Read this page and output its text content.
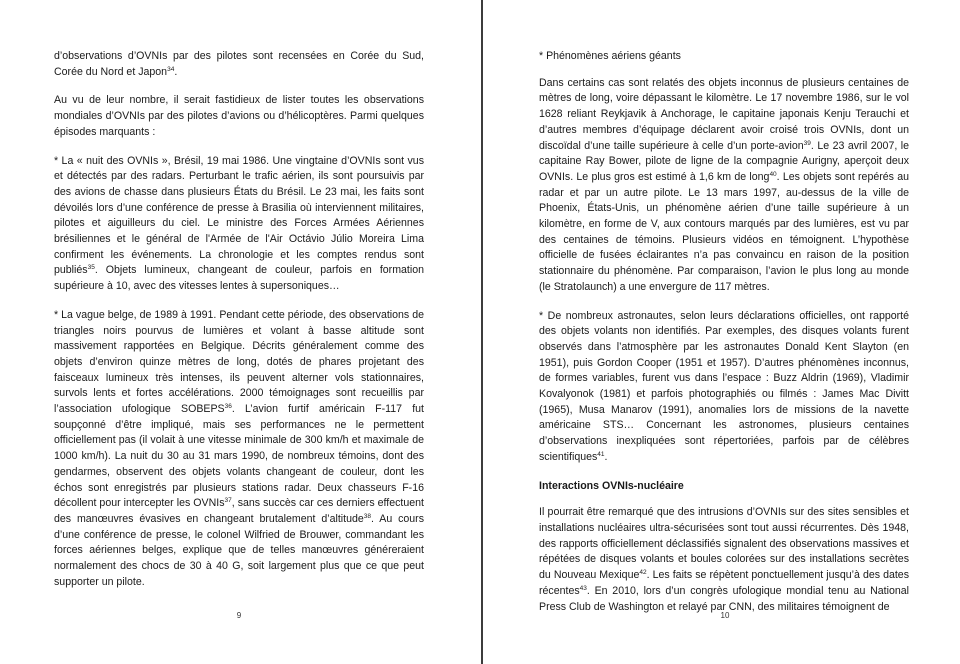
d’observations d’OVNIs par des pilotes sont recensées en Corée du Sud, Corée du Nord et Japon$^{34}$.

Au vu de leur nombre, il serait fastidieux de lister toutes les observations mondiales d’OVNIs par des pilotes d’avions ou d’hélicoptères. Parmi quelques épisodes marquants :

* La « nuit des OVNIs », Brésil, 19 mai 1986. Une vingtaine d’OVNIs sont vus et détectés par des radars. Perturbant le trafic aérien, ils sont poursuivis par des avions de chasse dans plusieurs États du Brésil. Le 23 mai, les faits sont dévoilés lors d’une conférence de presse à Brasilia où interviennent militaires, pilotes et aiguilleurs du ciel. Le ministre des Forces Armées Aériennes brésiliennes et le général de l'Armée de l'Air Octávio Júlio Moreira Lima confirment les événements. La chronologie et les comptes rendus sont publiés$^{35}$. Objets lumineux, changeant de couleur, parfois en formation supérieure à 10, avec des vitesses lentes à supersoniques…

* La vague belge, de 1989 à 1991. Pendant cette période, des observations de triangles noirs pourvus de lumières et volant à basse altitude sont massivement rapportées en Belgique. Décrits généralement comme des objets d’environ quinze mètres de long, dotés de phares projetant des faisceaux lumineux très intenses, ils peuvent alterner vols stationnaires, survols lents et fortes accélérations. 2000 témoignages sont recueillis par l’association ufologique SOBEPS$^{36}$. L’avion furtif américain F-117 fut soupçonné d’être impliqué, mais ses performances ne le permettent officiellement pas (il volait à une vitesse minimale de 300 km/h et maximale de 1000 km/h). La nuit du 30 au 31 mars 1990, de nombreux témoins, dont des gendarmes, observent des objets volants changeant de couleur, dont les échos sont enregistrés par plusieurs stations radar. Deux chasseurs F-16 décollent pour intercepter les OVNIs$^{37}$, sans succès car ces derniers effectuent des manœuvres évasives en changeant brutalement d’altitude$^{38}$. Au cours d’une conférence de presse, le colonel Wilfried de Brouwer, commandant les forces aériennes belges, explique que de telles manœuvres généreraient normalement des chocs de 30 à 40 G, soit largement plus que ce que peut supporter un pilote.

9

* Phénomènes aériens géants

Dans certains cas sont relatés des objets inconnus de plusieurs centaines de mètres de long, voire dépassant le kilomètre. Le 17 novembre 1986, sur le vol 1628 reliant Reykjavik à Anchorage, le capitaine japonais Kenju Terauchi et d’autres membres d’équipage déclarent avoir croisé trois OVNIs, dont un discoïdal d’une taille supérieure à celle d’un porte-avion$^{39}$. Le 23 avril 2007, le capitaine Ray Bower, pilote de ligne de la compagnie Aurigny, aperçoit deux OVNIs. Le plus gros est estimé à 1,6 km de long$^{40}$. Les objets sont repérés au radar et par un autre pilote. Le 13 mars 1997, au-dessus de la ville de Phoenix, États-Unis, un phénomène aérien d’une taille supérieure à un kilomètre, en forme de V, aux contours marqués par des lumières, est vu par des centaines de témoins. Plusieurs vidéos en témoignent. L’hypothèse officielle de fusées éclairantes n’a pas convaincu en raison de la position stationnaire du phénomène. Par comparaison, l’avion le plus long au monde (le Stratolaunch) a une envergure de 117 mètres.

* De nombreux astronautes, selon leurs déclarations officielles, ont rapporté des objets volants non identifiés. Par exemples, des disques volants furent observés dans l’atmosphère par les astronautes Donald Kent Slayton (en 1951), puis Gordon Cooper (1951 et 1957). D’autres phénomènes inconnus, de formes variables, furent vus dans l’espace : Buzz Aldrin (1969), Vladimir Kovalyonok (1981) et parfois photographiés ou filmés : James Mac Divitt (1965), Musa Manarov (1991), anomalies lors de missions de la navette américaine STS… Concernant les astronomes, plusieurs centaines d’observations inexpliquées sont répertoriées, parfois par de célèbres scientifiques$^{41}$.

Interactions OVNIs-nucléaire

Il pourrait être remarqué que des intrusions d’OVNIs sur des sites sensibles et installations nucléaires ultra-sécurisées sont tout aussi récurrentes. Dès 1948, des rapports officiellement déclassifiés signalent des observations massives et répétées de disques volants et boules colorées sur des installations secrètes du Nouveau Mexique$^{42}$. Les faits se répètent ponctuellement jusqu’à des dates récentes$^{43}$. En 2010, lors d’un congrès ufologique mondial tenu au National Press Club de Washington et relayé par CNN, des militaires témoignent de

10
